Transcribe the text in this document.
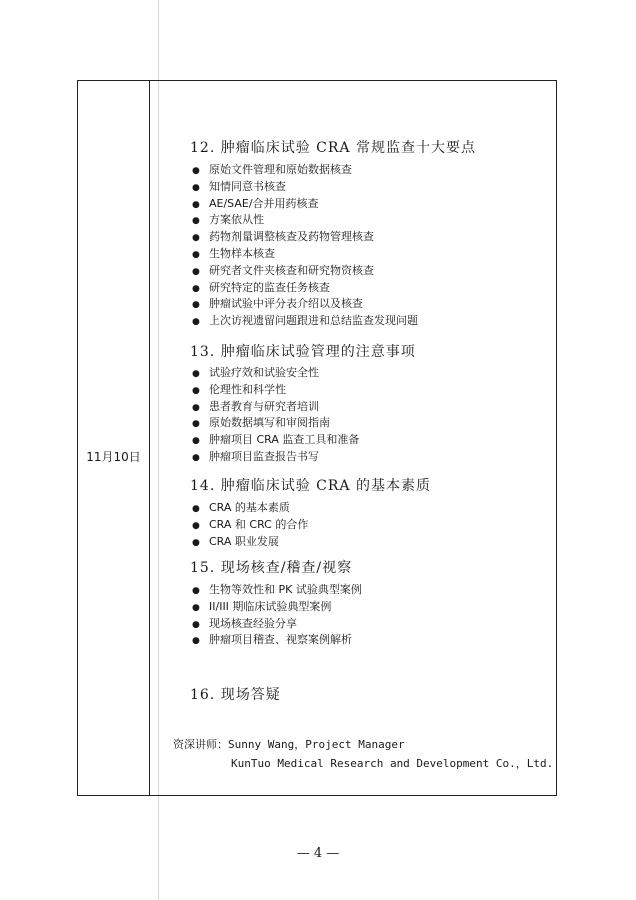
11月10日
12. 肿瘤临床试验 CRA 常规监查十大要点
● 原始文件管理和原始数据核查
● 知情同意书核查
● AE/SAE/合并用药核查
● 方案依从性
● 药物剂量调整核查及药物管理核查
● 生物样本核查
● 研究者文件夹核查和研究物资核查
● 研究特定的监查任务核查
● 肿瘤试验中评分表介绍以及核查
● 上次访视遗留问题跟进和总结监查发现问题
13. 肿瘤临床试验管理的注意事项
● 试验疗效和试验安全性
● 伦理性和科学性
● 患者教育与研究者培训
● 原始数据填写和审阅指南
● 肿瘤项目 CRA 监查工具和准备
● 肿瘤项目监查报告书写
14. 肿瘤临床试验 CRA 的基本素质
● CRA 的基本素质
● CRA 和 CRC 的合作
● CRA 职业发展
15. 现场核查/稽查/视察
● 生物等效性和 PK 试验典型案例
● II/III 期临床试验典型案例
● 现场核查经验分享
● 肿瘤项目稽查、视察案例解析
16. 现场答疑
资深讲师：Sunny Wang，Project Manager
KunTuo Medical Research and Development Co.，Ltd.
— 4 —
